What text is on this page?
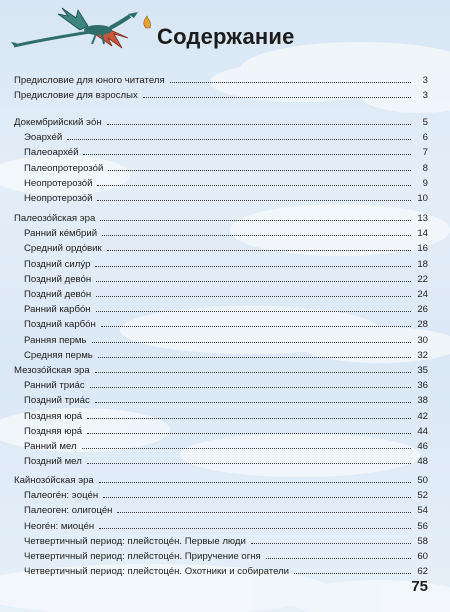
Содержание
Предисловие для юного читателя	3
Предисловие для взрослых	3
Докембрийский эо́н	5
Эоархе́й	6
Палеоархе́й	7
Палеопротерозо́й	8
Неопротерозо́й	9
Неопротерозо́й	10
Палеозо́йская эра	13
Ранний ке́мбрий	14
Средний ордо́вик	16
Поздний силу́р	18
Поздний дево́н	22
Поздний дево́н	24
Ранний карбо́н	26
Поздний карбо́н	28
Ранняя пермь	30
Средняя пермь	32
Мезозо́йская эра	35
Ранний триа́с	36
Поздний триа́с	38
Поздняя юра́	42
Поздняя юра́	44
Ранний мел	46
Поздний мел	48
Кайнозо́йская эра	50
Палеоге́н: эоце́н	52
Палеоген: олигоце́н	54
Неоге́н: миоце́н	56
Четвертичный период: плейстоце́н. Первые люди	58
Четвертичный период: плейстоце́н. Приручение огня	60
Четвертичный период: плейстоце́н. Охотники и собиратели	62
75
